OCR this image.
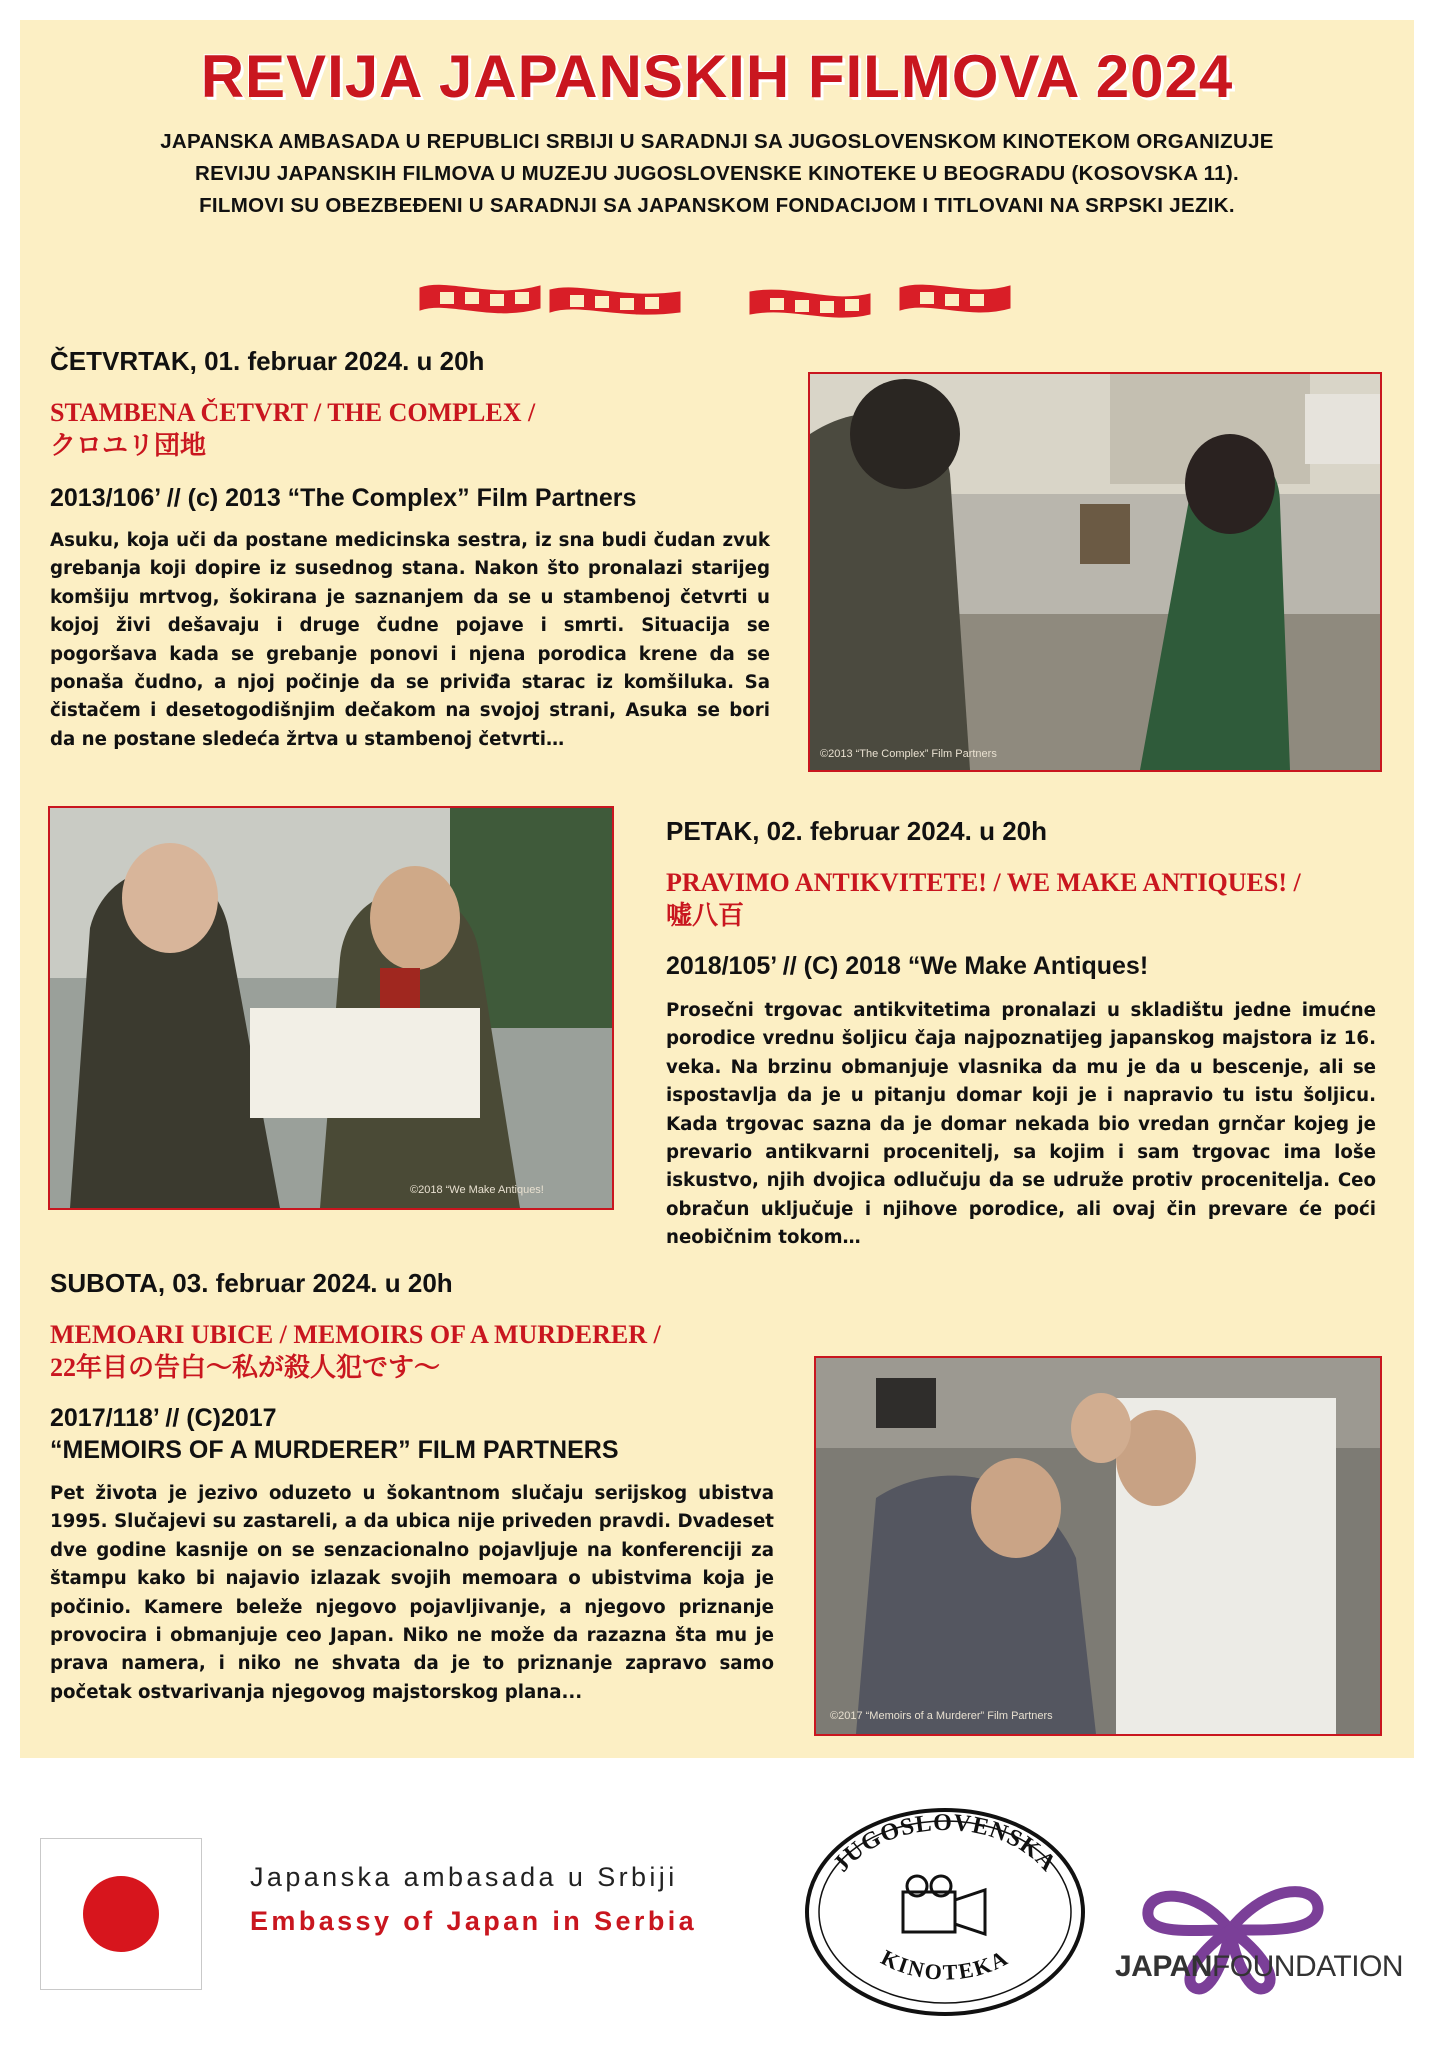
REVIJA JAPANSKIH FILMOVA 2024
JAPANSKA AMBASADA U REPUBLICI SRBIJI U SARADNJI SA JUGOSLOVENSKOM KINOTEKOM ORGANIZUJE
REVIJU JAPANSKIH FILMOVA U MUZEJU JUGOSLOVENSKE KINOTEKE U BEOGRADU (KOSOVSKA 11).
FILMOVI SU OBEZBEĐENI U SARADNJI SA JAPANSKOM FONDACIJOM I TITLOVANI NA SRPSKI JEZIK.
ČETVRTAK, 01. februar 2024. u 20h
STAMBENA ČETVRT / THE COMPLEX /
クロユリ団地
2013/106’ // (c) 2013 “The Complex” Film Partners
Asuku, koja uči da postane medicinska sestra, iz sna budi čudan zvuk grebanja koji dopire iz susednog stana. Nakon što pronalazi starijeg komšiju mrtvog, šokirana je saznanjem da se u stambenoj četvrti u kojoj živi dešavaju i druge čudne pojave i smrti. Situacija se pogoršava kada se grebanje ponovi i njena porodica krene da se ponaša čudno, a njoj počinje da se priviđa starac iz komšiluka. Sa čistačem i desetogodišnjim dečakom na svojoj strani, Asuka se bori da ne postane sledeća žrtva u stambenoj četvrti…
©2013 “The Complex” Film Partners
©2018 “We Make Antiques!
PETAK, 02. februar 2024. u 20h
PRAVIMO ANTIKVITETE! / WE MAKE ANTIQUES! /
嘘八百
2018/105’ // (C) 2018 “We Make Antiques!
Prosečni trgovac antikvitetima pronalazi u skladištu jedne imućne porodice vrednu šoljicu čaja najpoznatijeg japanskog majstora iz 16. veka. Na brzinu obmanjuje vlasnika da mu je da u bescenje, ali se ispostavlja da je u pitanju domar koji je i napravio tu istu šoljicu. Kada trgovac sazna da je domar nekada bio vredan grnčar kojeg je prevario antikvarni procenitelj, sa kojim i sam trgovac ima loše iskustvo, njih dvojica odlučuju da se udruže protiv procenitelja. Ceo obračun uključuje i njihove porodice, ali ovaj čin prevare će poći neobičnim tokom…
SUBOTA, 03. februar 2024. u 20h
MEMOARI UBICE / MEMOIRS OF A MURDERER /
22年目の告白～私が殺人犯です～
2017/118’ // (C)2017
“MEMOIRS OF A MURDERER” FILM PARTNERS
Pet života je jezivo oduzeto u šokantnom slučaju serijskog ubistva 1995. Slučajevi su zastareli, a da ubica nije priveden pravdi. Dvadeset dve godine kasnije on se senzacionalno pojavljuje na konferenciji za štampu kako bi najavio izlazak svojih memoara o ubistvima koja je počinio. Kamere beleže njegovo pojavljivanje, a njegovo priznanje provocira i obmanjuje ceo Japan. Niko ne može da razazna šta mu je prava namera, i niko ne shvata da je to priznanje zapravo samo početak ostvarivanja njegovog majstorskog plana...
©2017 “Memoirs of a Murderer” Film Partners
Japanska ambasada u Srbiji
Embassy of Japan in Serbia
JUGOSLOVENSKA
KINOTEKA	JAPANFOUNDATION
